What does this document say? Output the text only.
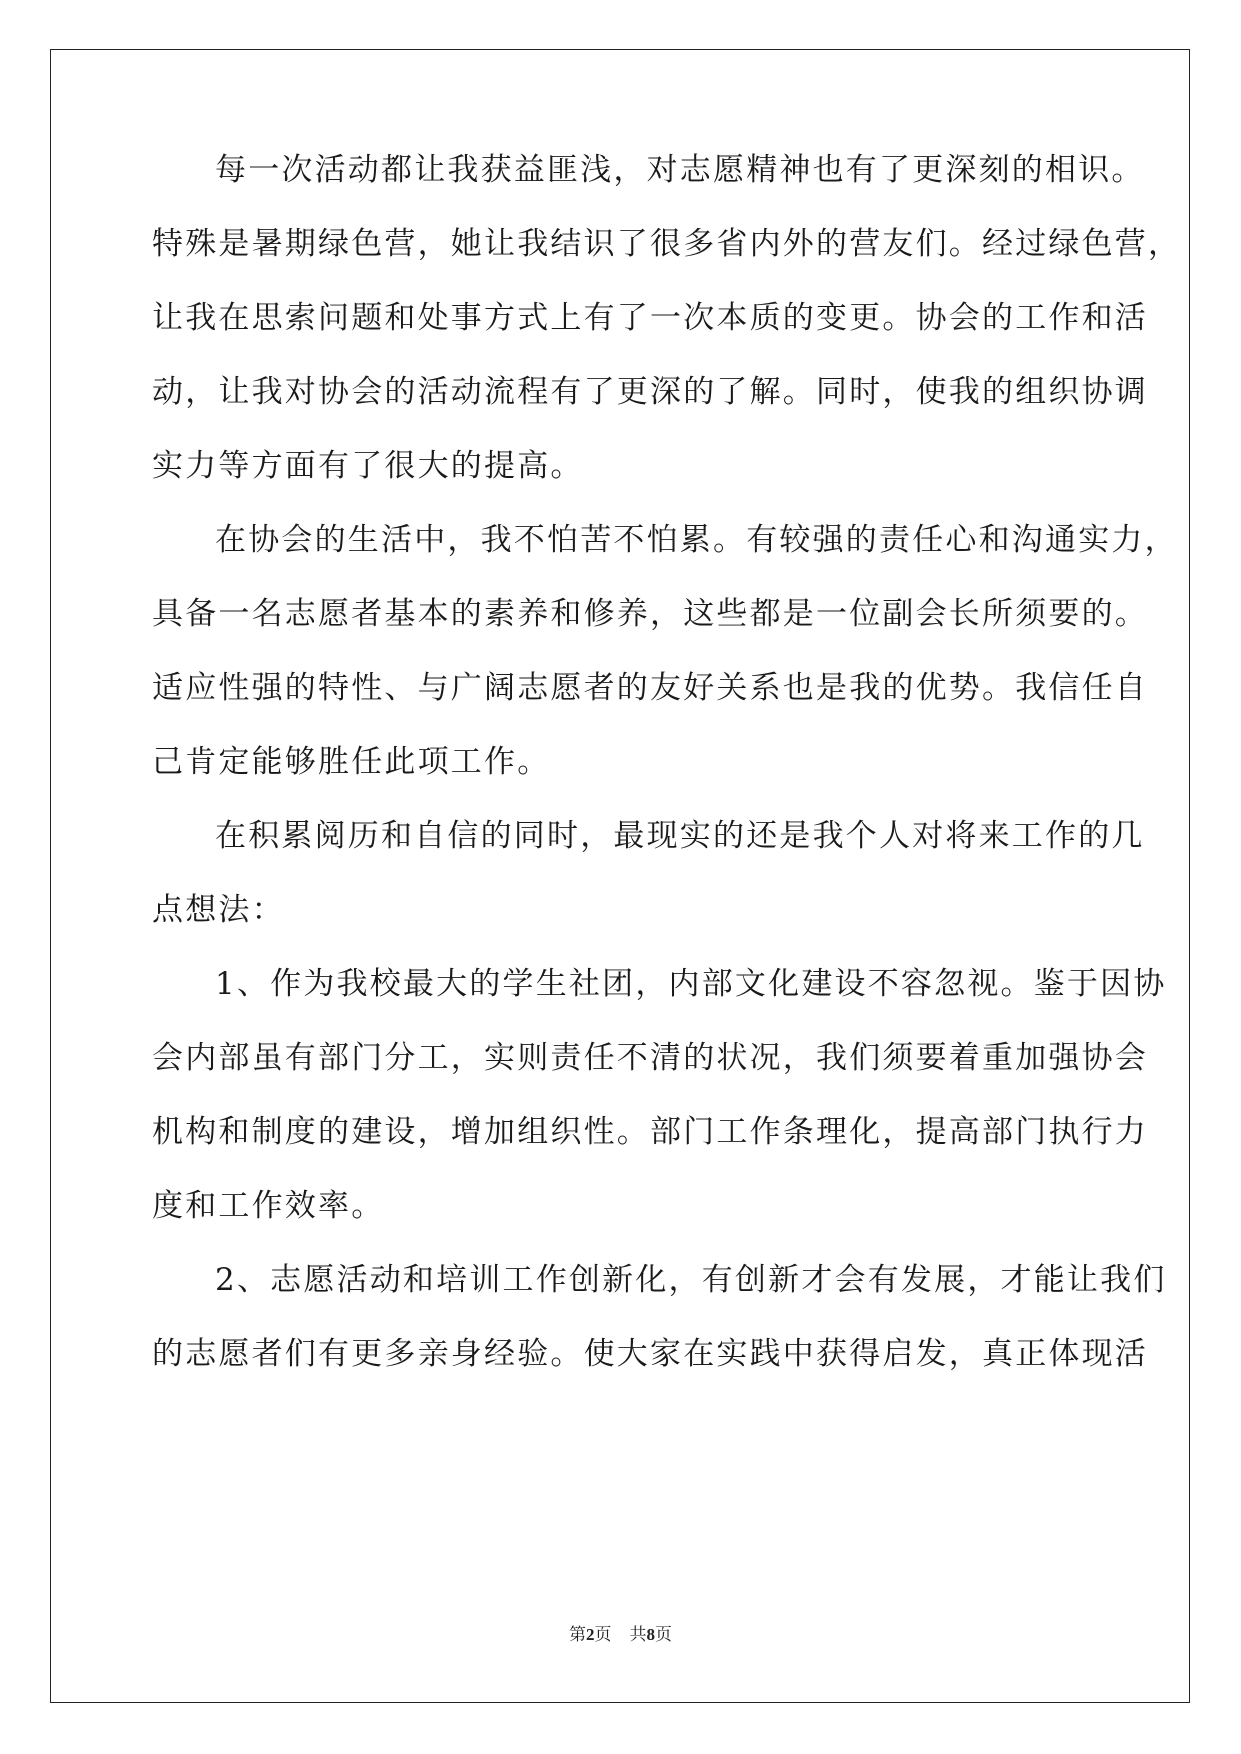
每一次活动都让我获益匪浅，对志愿精神也有了更深刻的相识。
特殊是暑期绿色营，她让我结识了很多省内外的营友们。经过绿色营，
让我在思索问题和处事方式上有了一次本质的变更。协会的工作和活
动，让我对协会的活动流程有了更深的了解。同时，使我的组织协调
实力等方面有了很大的提高。
在协会的生活中，我不怕苦不怕累。有较强的责任心和沟通实力，
具备一名志愿者基本的素养和修养，这些都是一位副会长所须要的。
适应性强的特性、与广阔志愿者的友好关系也是我的优势。我信任自
己肯定能够胜任此项工作。
在积累阅历和自信的同时，最现实的还是我个人对将来工作的几
点想法：
1、作为我校最大的学生社团，内部文化建设不容忽视。鉴于因协
会内部虽有部门分工，实则责任不清的状况，我们须要着重加强协会
机构和制度的建设，增加组织性。部门工作条理化，提高部门执行力
度和工作效率。
2、志愿活动和培训工作创新化，有创新才会有发展，才能让我们
的志愿者们有更多亲身经验。使大家在实践中获得启发，真正体现活
第2页 共8页
